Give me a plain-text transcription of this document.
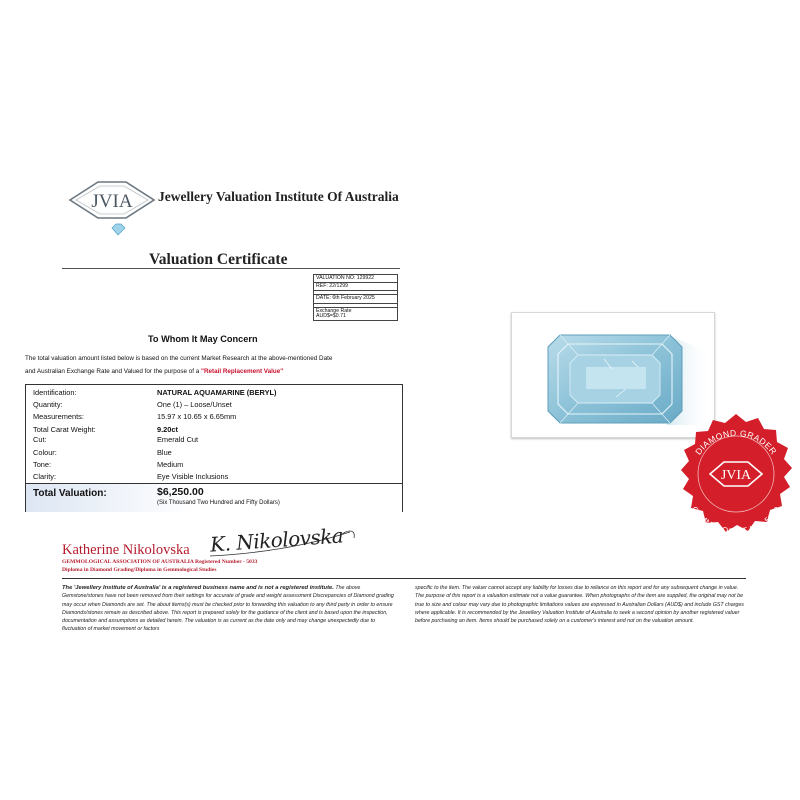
JVIA Jewellery Valuation Institute Of Australia
Valuation Certificate
VALUATION NO: 129922
REF: 22/1299
DATE: 6th February 2025
Exchange Rate
AUD$=$0.71
To Whom It May Concern
The total valuation amount listed below is based on the current Market Research at the above-mentioned Date
and Australian Exchange Rate and Valued for the purpose of a "Retail Replacement Value"
Identification:	NATURAL AQUAMARINE (BERYL)
Quantity:	One (1) – Loose/Unset
Measurements:	15.97 x 10.65 x 6.65mm
Total Carat Weight:	9.20ct
Cut:	Emerald Cut
Colour:	Blue
Tone:	Medium
Clarity:	Eye Visible Inclusions
Total Valuation:	$6,250.00
(Six Thousand Two Hundred and Fifty Dollars)
Katherine Nikolovska K. Nikolovska
GEMMOLOGICAL ASSOCIATION OF AUSTRALIA Registered Number - 5033
Diploma in Diamond Grading/Diploma in Gemmological Studies
The 'Jewellery Institute of Australia' is a registered business name and is not a registered institute. The above Gemstone/stones have not been removed from their settings for accurate of grade and weight assessment Discrepancies of Diamond grading may occur when Diamonds are set. The about items(s) must be checked prior to forwarding this valuation to any third party in order to ensure Diamonds/stones remain as described above. This report is prepared solely for the guidance of the client and is based upon the inspection, documentation and assumptions as detailed herein. The valuation is as current as the date only and may change unexpectedly due to fluctuation of market movement or factors
specific to the item. The valuer cannot accept any liability for losses due to reliance on this report and for any subsequent change in value. The purpose of this report is a valuation estimate not a value guarantee. When photographs of the item are supplied, the original may not be true to size and colour may vary due to photographic limitations values are expressed in Australian Dollars (AUD$) and include GST charges where applicable. It is recommended by the Jewellery Valuation Institute of Australia to seek a second opinion by another registered valuer before purchasing an item. Items should be purchased solely on a customer's interest and not on the valuation amount.
DIAMOND GRADER
GEMMOLOGIST NO. 5033
JVIA
